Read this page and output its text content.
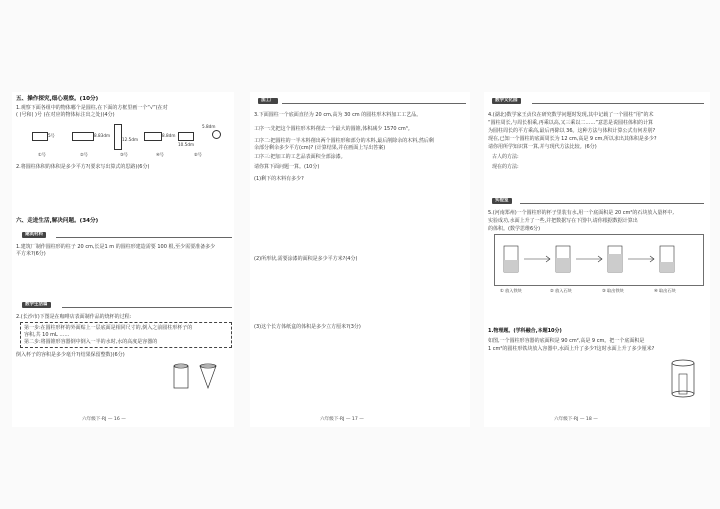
五、操作探究,细心观察。(10分)
1.观察下面各组中的物体哪个是圆柱,在下面的方框里画一个“√”(在对
( )号和( )号 (在对应的物体标注出之处)(4分)
5号	8.83dm
12.5dm
8.8dm
10.5dm
5.8dm
①号	②号	③号	④号	⑤号
2.将圆柱体积的体积是多少平方?(要求写出算式的思路)(6分)
六、走进生活,解决问题。(34分)
建筑材料
1.建筑厂制作圆柱形的柱子 20 cm,长是1 m 的圆柱形建造需要 100 根,至少需要准备多少
平方米?(6分)
数学生活篇
2.(长沙市)下图是在咖啡店表面制作品的烧杯的过程:
第一步:在圆柱形杯的外面贴上一层底面是相同尺寸的,倒入之前圆柱形杯子的
容积,共 10 mL ……
第二步:将圆锥形容器倒中倒入一半的水时,水的高度是容器的
倒入杯子的容积是多少毫升?(结果保留整数)(6分)
六年级下·RJ — 16 —
加工厂
3.下面圆柱一个底面直径为 20 cm,高为 30 cm 的圆柱形木料加工工艺品。
工序一:先把这个圆柱形木料削去一个最大的圆锥,体积减少 1570 cm³。
工序二:把圆柱的一半木料削出两个圆柱形和部分的木料,最后削除余的木料,然后剩
余部分剩余多少平方(cm)? (计算结果,并在画面上写出答案)
工序三:把加工的工艺品表面积全部涂漆。
请你算下面问题一算。(10分)
(1)剩下的木料有多少?
(2)所形状,需要涂漆的面积是多少平方米?(4分)
(3)这个长方体纸盒的体积是多少立方厘米?(3分)
六年级下·RJ — 17 —
数学文化园
4.(湖北)数学家王贞仪在研究数学问题时发现,其中记载了一个圆柱“用”的术
“圆柱周长,与周长相乘,再乘以高,又三乘以二……”意思是说圆柱体积的计算
为圆柱周长的平方乘高,最后再除以 36。这种方法与体积计算公式有何差别?
现在,已知一个圆柱的底面周长为 12 cm,高是 9 cm,所以求出其体积是多少?
请你用所学知识算一算,并与现代方法比较。(6分)
古人的方法:
现在的方法:
实验室
5.(河南郑州)一个圆柱形的杯子里装有水,用一个底面积是 20 cm²的石块放入量杯中,
实验成功,水面上升了一些,并把数据写在下图中,请你根据数据计算出
的体积。(数学思维6分)
① 放入铁块	② 放入石块	③ 取出铁块	④ 取出石块
1.物理题。(学科融合,本题10分)
如图,一个圆柱形容器的底面积是 90 cm²,高是 9 cm。把一个底面积是
1 cm²的圆柱形铁块放入容器中,水面上升了多少?这时水面上升了多少厘米?
六年级下·RJ — 18 —
